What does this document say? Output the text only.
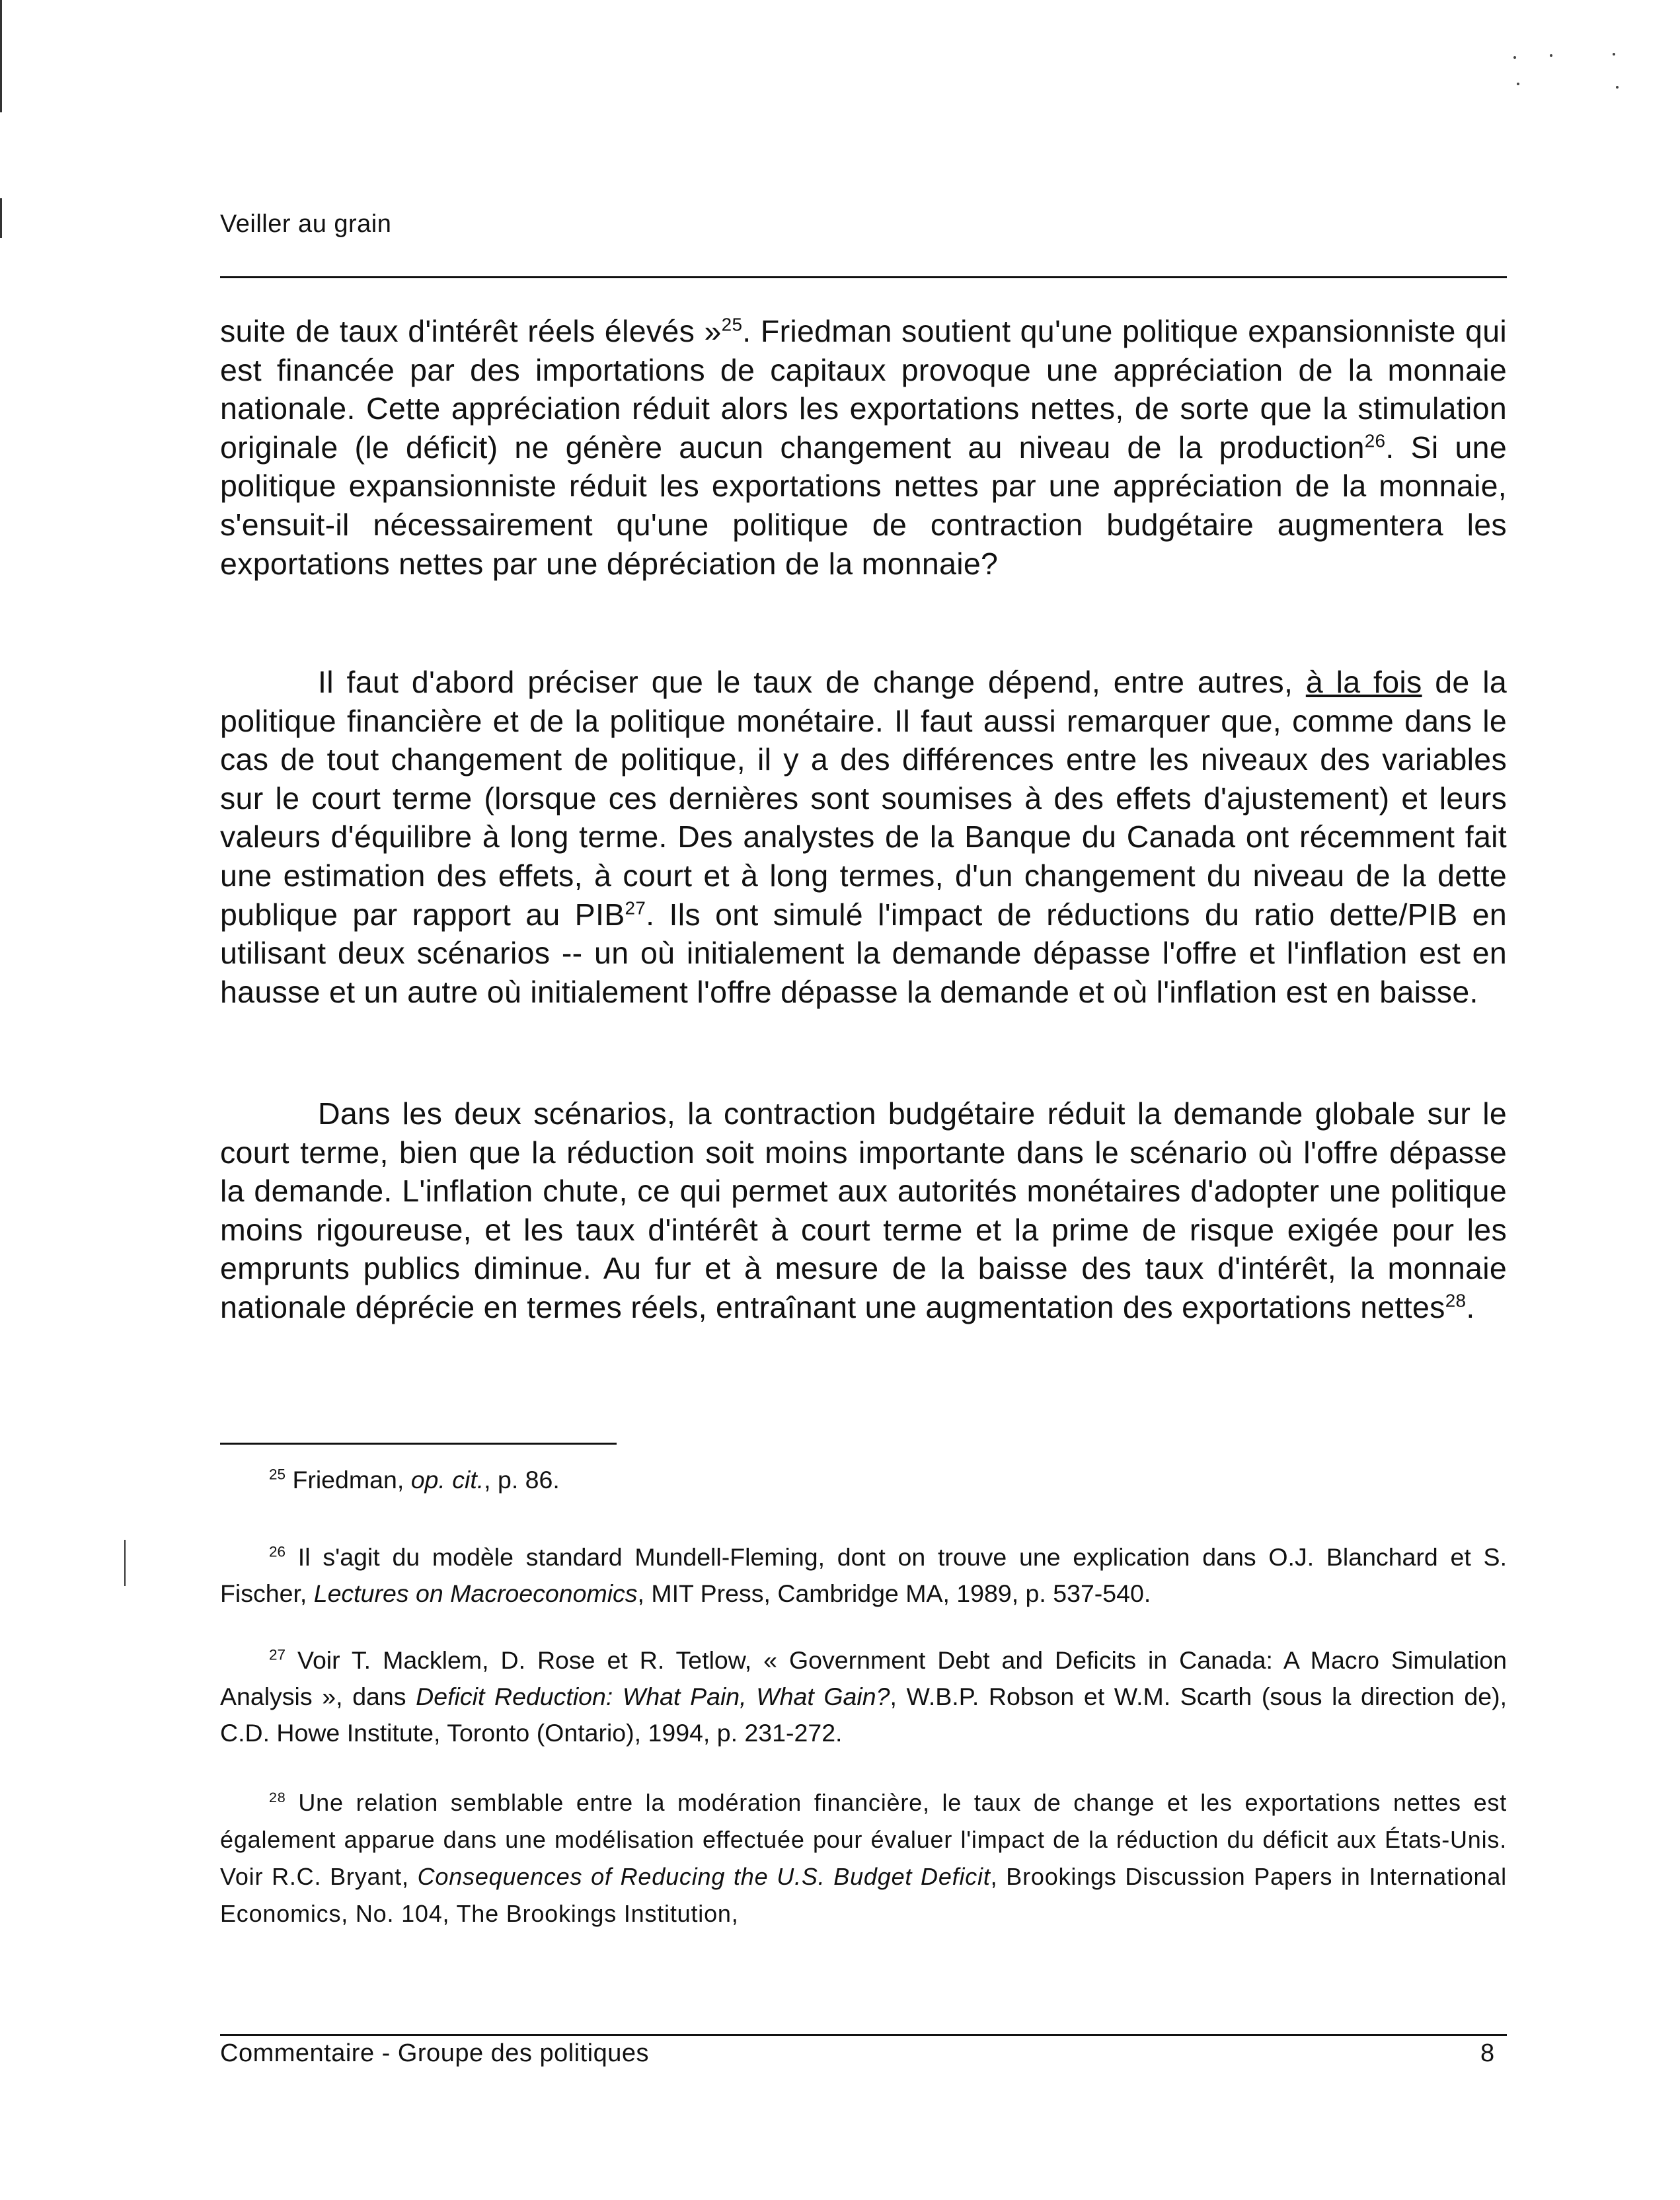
Veiller au grain

suite de taux d'intérêt réels élevés »$^{25}$. Friedman soutient qu'une politique expansionniste qui est financée par des importations de capitaux provoque une appréciation de la monnaie nationale. Cette appréciation réduit alors les exportations nettes, de sorte que la stimulation originale (le déficit) ne génère aucun changement au niveau de la production$^{26}$. Si une politique expansionniste réduit les exportations nettes par une appréciation de la monnaie, s'ensuit-il nécessairement qu'une politique de contraction budgétaire augmentera les exportations nettes par une dépréciation de la monnaie?

Il faut d'abord préciser que le taux de change dépend, entre autres, à la fois de la politique financière et de la politique monétaire. Il faut aussi remarquer que, comme dans le cas de tout changement de politique, il y a des différences entre les niveaux des variables sur le court terme (lorsque ces dernières sont soumises à des effets d'ajustement) et leurs valeurs d'équilibre à long terme. Des analystes de la Banque du Canada ont récemment fait une estimation des effets, à court et à long termes, d'un changement du niveau de la dette publique par rapport au PIB$^{27}$. Ils ont simulé l'impact de réductions du ratio dette/PIB en utilisant deux scénarios -- un où initialement la demande dépasse l'offre et l'inflation est en hausse et un autre où initialement l'offre dépasse la demande et où l'inflation est en baisse.

Dans les deux scénarios, la contraction budgétaire réduit la demande globale sur le court terme, bien que la réduction soit moins importante dans le scénario où l'offre dépasse la demande. L'inflation chute, ce qui permet aux autorités monétaires d'adopter une politique moins rigoureuse, et les taux d'intérêt à court terme et la prime de risque exigée pour les emprunts publics diminue. Au fur et à mesure de la baisse des taux d'intérêt, la monnaie nationale déprécie en termes réels, entraînant une augmentation des exportations nettes$^{28}$.

$^{25}$ Friedman, op. cit., p. 86.

$^{26}$ Il s'agit du modèle standard Mundell-Fleming, dont on trouve une explication dans O.J. Blanchard et S. Fischer, Lectures on Macroeconomics, MIT Press, Cambridge MA, 1989, p. 537-540.

$^{27}$ Voir T. Macklem, D. Rose et R. Tetlow, « Government Debt and Deficits in Canada: A Macro Simulation Analysis », dans Deficit Reduction: What Pain, What Gain?, W.B.P. Robson et W.M. Scarth (sous la direction de), C.D. Howe Institute, Toronto (Ontario), 1994, p. 231-272.

$^{28}$ Une relation semblable entre la modération financière, le taux de change et les exportations nettes est également apparue dans une modélisation effectuée pour évaluer l'impact de la réduction du déficit aux États-Unis. Voir R.C. Bryant, Consequences of Reducing the U.S. Budget Deficit, Brookings Discussion Papers in International Economics, No. 104, The Brookings Institution,

Commentaire - Groupe des politiques	8
